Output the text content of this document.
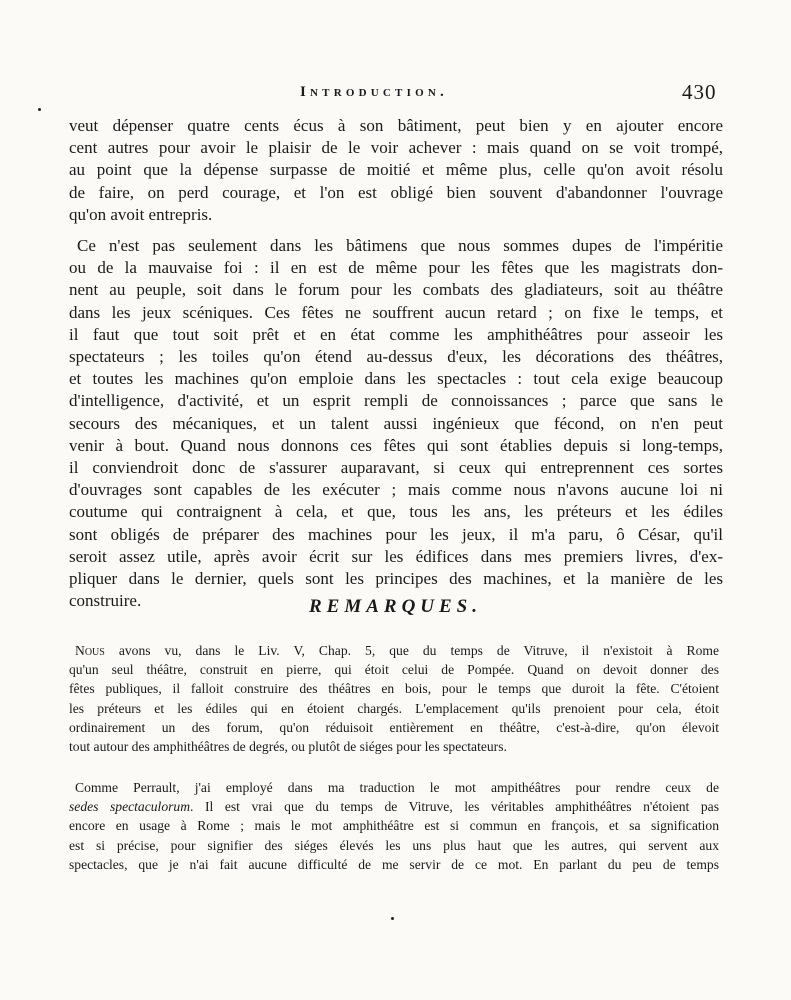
Introduction.	430
veut dépenser quatre cents écus à son bâtiment, peut bien y en ajouter encore
cent autres pour avoir le plaisir de le voir achever : mais quand on se voit trompé,
au point que la dépense surpasse de moitié et même plus, celle qu'on avoit résolu
de faire, on perd courage, et l'on est obligé bien souvent d'abandonner l'ouvrage
qu'on avoit entrepris.
Ce n'est pas seulement dans les bâtimens que nous sommes dupes de l'impéritie
ou de la mauvaise foi : il en est de même pour les fêtes que les magistrats don-
nent au peuple, soit dans le forum pour les combats des gladiateurs, soit au théâtre
dans les jeux scéniques. Ces fêtes ne souffrent aucun retard ; on fixe le temps, et
il faut que tout soit prêt et en état comme les amphithéâtres pour asseoir les
spectateurs ; les toiles qu'on étend au-dessus d'eux, les décorations des théâtres,
et toutes les machines qu'on emploie dans les spectacles : tout cela exige beaucoup
d'intelligence, d'activité, et un esprit rempli de connoissances ; parce que sans le
secours des mécaniques, et un talent aussi ingénieux que fécond, on n'en peut
venir à bout. Quand nous donnons ces fêtes qui sont établies depuis si long-temps,
il conviendroit donc de s'assurer auparavant, si ceux qui entreprennent ces sortes
d'ouvrages sont capables de les exécuter ; mais comme nous n'avons aucune loi ni
coutume qui contraignent à cela, et que, tous les ans, les préteurs et les édiles
sont obligés de préparer des machines pour les jeux, il m'a paru, ô César, qu'il
seroit assez utile, après avoir écrit sur les édifices dans mes premiers livres, d'ex-
pliquer dans le dernier, quels sont les principes des machines, et la manière de les
construire.	REMARQUES.
Nous avons vu, dans le Liv. V, Chap. 5, que du temps de Vitruve, il n'existoit à Rome
qu'un seul théâtre, construit en pierre, qui étoit celui de Pompée. Quand on devoit donner des
fêtes publiques, il falloit construire des théâtres en bois, pour le temps que duroit la fête. C'étoient
les préteurs et les édiles qui en étoient chargés. L'emplacement qu'ils prenoient pour cela, étoit
ordinairement un des forum, qu'on réduisoit entièrement en théâtre, c'est-à-dire, qu'on élevoit
tout autour des amphithéâtres de degrés, ou plutôt de siéges pour les spectateurs.
Comme Perrault, j'ai employé dans ma traduction le mot ampithéâtres pour rendre ceux de
sedes spectaculorum. Il est vrai que du temps de Vitruve, les véritables amphithéâtres n'étoient pas
encore en usage à Rome ; mais le mot amphithéâtre est si commun en françois, et sa signification
est si précise, pour signifier des siéges élevés les uns plus haut que les autres, qui servent aux
spectacles, que je n'ai fait aucune difficulté de me servir de ce mot. En parlant du peu de temps
